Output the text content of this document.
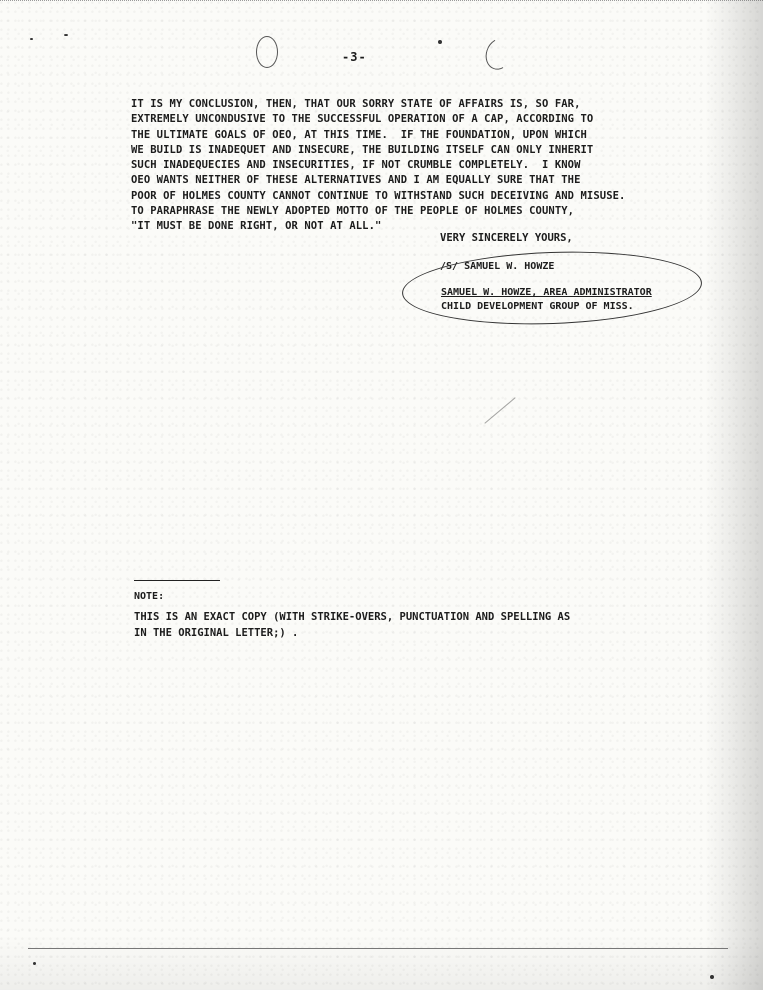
-3-
IT IS MY CONCLUSION, THEN, THAT OUR SORRY STATE OF AFFAIRS IS, SO FAR,
EXTREMELY UNCONDUSIVE TO THE SUCCESSFUL OPERATION OF A CAP, ACCORDING TO
THE ULTIMATE GOALS OF OEO, AT THIS TIME.  IF THE FOUNDATION, UPON WHICH
WE BUILD IS INADEQUET AND INSECURE, THE BUILDING ITSELF CAN ONLY INHERIT
SUCH INADEQUECIES AND INSECURITIES, IF NOT CRUMBLE COMPLETELY.  I KNOW
OEO WANTS NEITHER OF THESE ALTERNATIVES AND I AM EQUALLY SURE THAT THE
POOR OF HOLMES COUNTY CANNOT CONTINUE TO WITHSTAND SUCH DECEIVING AND MISUSE.
TO PARAPHRASE THE NEWLY ADOPTED MOTTO OF THE PEOPLE OF HOLMES COUNTY,
"IT MUST BE DONE RIGHT, OR NOT AT ALL."
VERY SINCERELY YOURS,
/S/ SAMUEL W. HOWZE
SAMUEL W. HOWZE, AREA ADMINISTRATOR
CHILD DEVELOPMENT GROUP OF MISS.
NOTE:
THIS IS AN EXACT COPY (WITH STRIKE-OVERS, PUNCTUATION AND SPELLING AS
IN THE ORIGINAL LETTER;) .
